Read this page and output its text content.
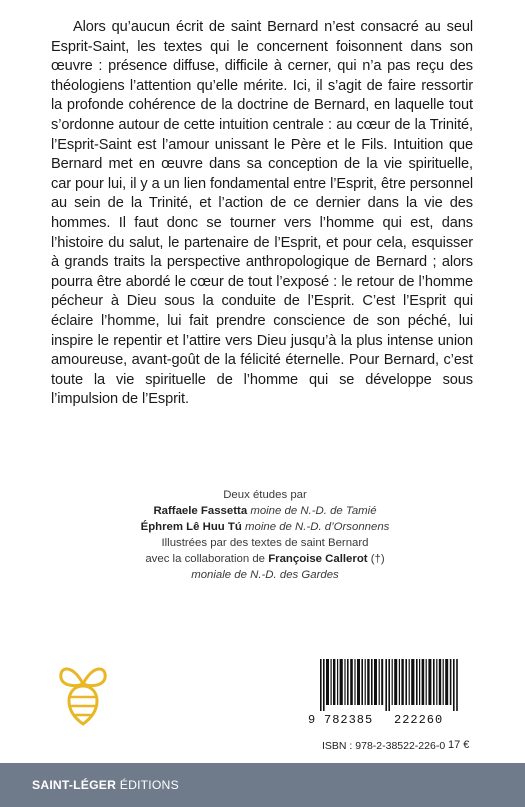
Alors qu’aucun écrit de saint Bernard n’est consacré au seul Esprit-Saint, les textes qui le concernent foisonnent dans son œuvre : présence diffuse, difficile à cerner, qui n’a pas reçu des théologiens l’attention qu’elle mérite. Ici, il s’agit de faire ressortir la profonde cohérence de la doctrine de Bernard, en laquelle tout s’ordonne autour de cette intuition centrale : au cœur de la Trinité, l’Esprit-Saint est l’amour unissant le Père et le Fils. Intuition que Bernard met en œuvre dans sa conception de la vie spirituelle, car pour lui, il y a un lien fondamental entre l’Esprit, être personnel au sein de la Trinité, et l’action de ce dernier dans la vie des hommes. Il faut donc se tourner vers l’homme qui est, dans l’histoire du salut, le partenaire de l’Esprit, et pour cela, esquisser à grands traits la perspective anthropologique de Bernard ; alors pourra être abordé le cœur de tout l’exposé : le retour de l’homme pécheur à Dieu sous la conduite de l’Esprit. C’est l’Esprit qui éclaire l’homme, lui fait prendre conscience de son péché, lui inspire le repentir et l’attire vers Dieu jusqu’à la plus intense union amoureuse, avant-goût de la félicité éternelle. Pour Bernard, c’est toute la vie spirituelle de l’homme qui se développe sous l’impulsion de l’Esprit.

Deux études par
Raffaele Fassetta moine de N.-D. de Tamié
Éphrem Lê Huu Tú moine de N.-D. d’Orsonnens
Illustrées par des textes de saint Bernard
avec la collaboration de Françoise Callerot (†)
moniale de N.-D. des Gardes
9 782385 222260
ISBN : 978-2-38522-226-0 17 €
SAINT-LÉGER ÉDITIONS
